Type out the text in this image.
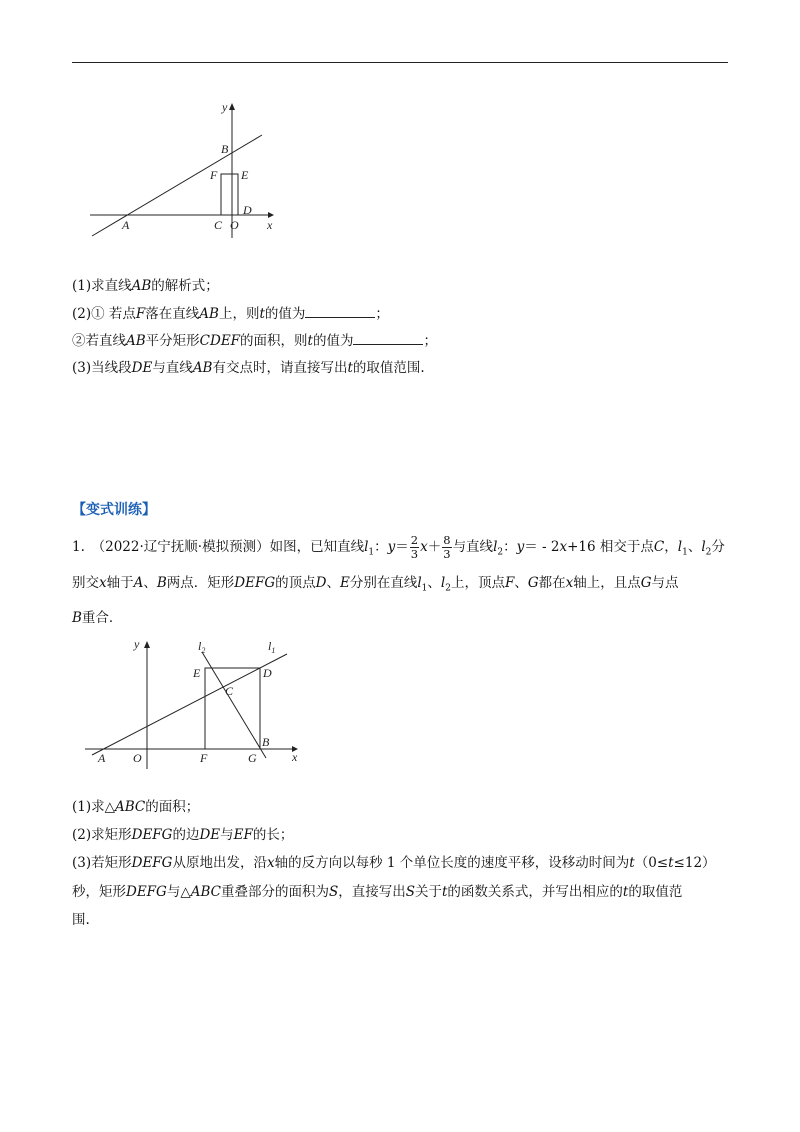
y
x
A
B
C O
D
E
F
(1)求直线AB的解析式；
(2)① 若点F落在直线AB上，则t的值为	；
②若直线AB平分矩形CDEF的面积，则t的值为	；
(3)当线段DE与直线AB有交点时，请直接写出t的取值范围.
【变式训练】
1.　（2022·辽宁抚顺·模拟预测）如图，已知直线$l_1$：$y= \frac{2}{3} x+ \frac{8}{3}$ 与直线$l_2$：y＝ - 2x+16 相交于点C，$l_1$、$l_2$分
别交x轴于A、B两点．矩形DEFG的顶点D、E分别在直线$l_1$、$l_2$上，顶点F、G都在x轴上，且点G与点
B重合．
y
x
A O	F	G
B
E	D
C
$l_2$	$l_1$
(1)求△ABC的面积；
(2)求矩形DEFG的边DE与EF的长；
(3)若矩形DEFG从原地出发，沿x轴的反方向以每秒 1 个单位长度的速度平移，设移动时间为t（0≤t≤12）
秒，矩形DEFG与△ABC重叠部分的面积为S，直接写出S关于t的函数关系式，并写出相应的t的取值范
围.
